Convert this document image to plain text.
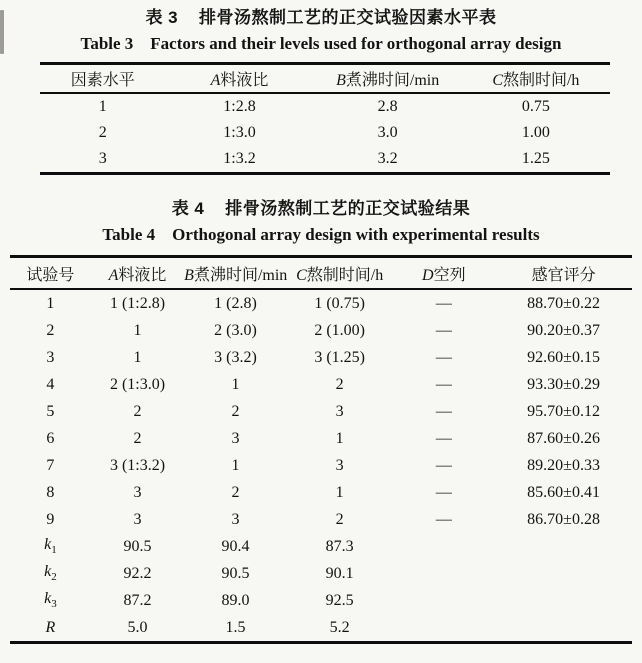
表 3    排骨汤熬制工艺的正交试验因素水平表
Table 3    Factors and their levels used for orthogonal array design
因素水平	A料液比	B煮沸时间/min	C熬制时间/h
1	1:2.8	2.8	0.75
2	1:3.0	3.0	1.00
3	1:3.2	3.2	1.25
表 4    排骨汤熬制工艺的正交试验结果
Table 4    Orthogonal array design with experimental results
试验号	A料液比	B煮沸时间/min	C熬制时间/h	D空列	感官评分
1	1 (1:2.8)	1 (2.8)	1 (0.75)	—	88.70±0.22
2	1	2 (3.0)	2 (1.00)	—	90.20±0.37
3	1	3 (3.2)	3 (1.25)	—	92.60±0.15
4	2 (1:3.0)	1	2	—	93.30±0.29
5	2	2	3	—	95.70±0.12
6	2	3	1	—	87.60±0.26
7	3 (1:3.2)	1	3	—	89.20±0.33
8	3	2	1	—	85.60±0.41
9	3	3	2	—	86.70±0.28
$k_1$	90.5	90.4	87.3		
$k_2$	92.2	90.5	90.1		
$k_3$	87.2	89.0	92.5		
R	5.0	1.5	5.2		
